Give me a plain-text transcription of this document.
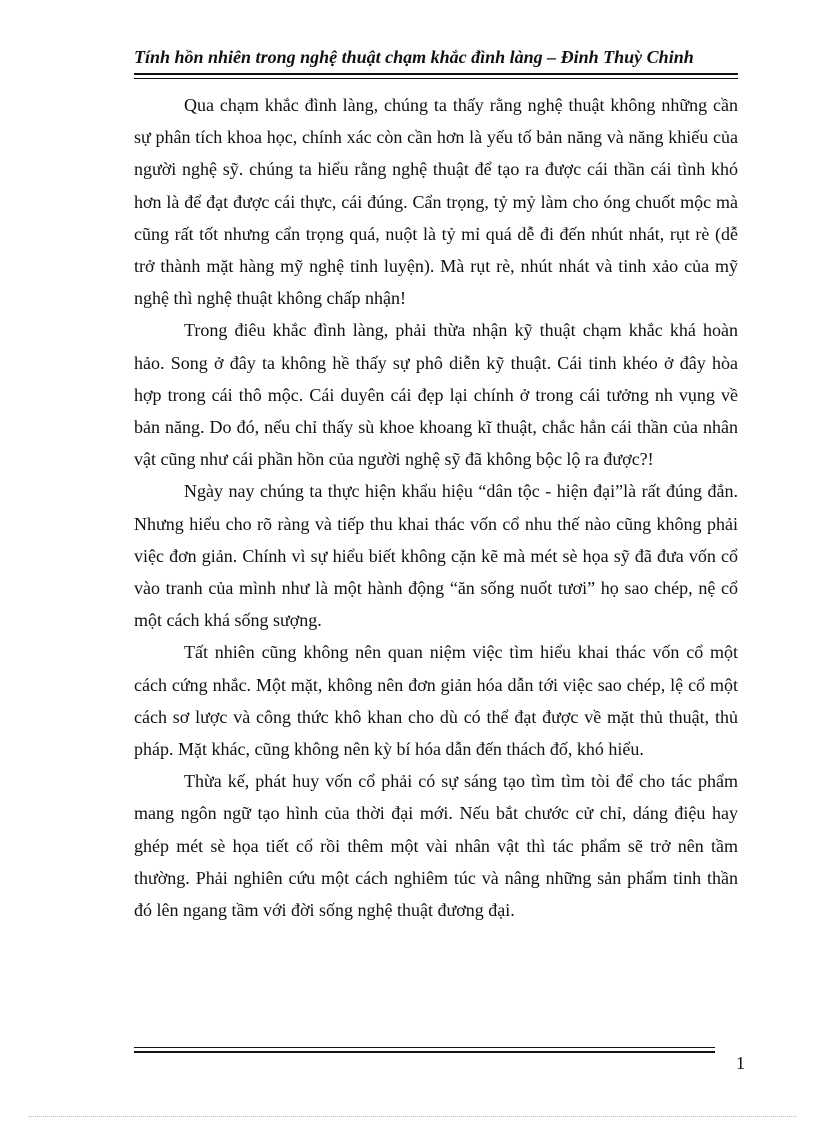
Tính hồn nhiên trong nghệ thuật chạm khắc đình làng – Đinh Thuỳ Chinh

Qua chạm khắc đình làng, chúng ta thấy rằng nghệ thuật không những cần sự phân tích khoa học, chính xác còn cần hơn là yếu tố bản năng và năng khiếu của người nghệ sỹ. chúng ta hiểu rằng nghệ thuật để tạo ra được cái thần cái tình khó hơn là để đạt được cái thực, cái đúng. Cẩn trọng, tỷ mỷ làm cho óng chuốt mộc mà cũng rất tốt nhưng cẩn trọng quá, nuột là tỷ mỉ quá dễ đi đến nhút nhát, rụt rè (dễ trở thành mặt hàng mỹ nghệ tinh luyện). Mà rụt rè, nhút nhát và tinh xảo của mỹ nghệ thì nghệ thuật không chấp nhận!

Trong điêu khắc đình làng, phải thừa nhận kỹ thuật chạm khắc khá hoàn hảo. Song ở đây ta không hề thấy sự phô diễn kỹ thuật. Cái tinh khéo ở đây hòa hợp trong cái thô mộc. Cái duyên cái đẹp lại chính ở trong cái tưởng nh vụng về bản năng. Do đó, nếu chỉ thấy sù khoe khoang kĩ thuật, chắc hẳn cái thần của nhân vật cũng như cái phần hồn của người nghệ sỹ đã không bộc lộ ra được?!

Ngày nay chúng ta thực hiện khẩu hiệu “dân tộc - hiện đại”là rất đúng đắn. Nhưng hiểu cho rõ ràng và tiếp thu khai thác vốn cổ nhu thế nào cũng không phải việc đơn giản. Chính vì sự hiểu biết không cặn kẽ mà mét sè họa sỹ đã đưa vốn cổ vào tranh của mình như là một hành động “ăn sống nuốt tươi” họ sao chép, nệ cổ một cách khá sống sượng.

Tất nhiên cũng không nên quan niệm việc tìm hiểu khai thác vốn cổ một cách cứng nhắc. Một mặt, không nên đơn giản hóa dẫn tới việc sao chép, lệ cổ một cách sơ lược và công thức khô khan cho dù có thể đạt được về mặt thủ thuật, thủ pháp. Mặt khác, cũng không nên kỳ bí hóa dẫn đến thách đố, khó hiểu.

Thừa kế, phát huy vốn cổ phải có sự sáng tạo tìm tìm tòi để cho tác phẩm mang ngôn ngữ tạo hình của thời đại mới. Nếu bắt chước cử chỉ, dáng điệu hay ghép mét sè họa tiết cổ rồi thêm một vài nhân vật thì tác phẩm sẽ trở nên tầm thường. Phải nghiên cứu một cách nghiêm túc và nâng những sản phẩm tinh thần đó lên ngang tầm với đời sống nghệ thuật đương đại.

1
